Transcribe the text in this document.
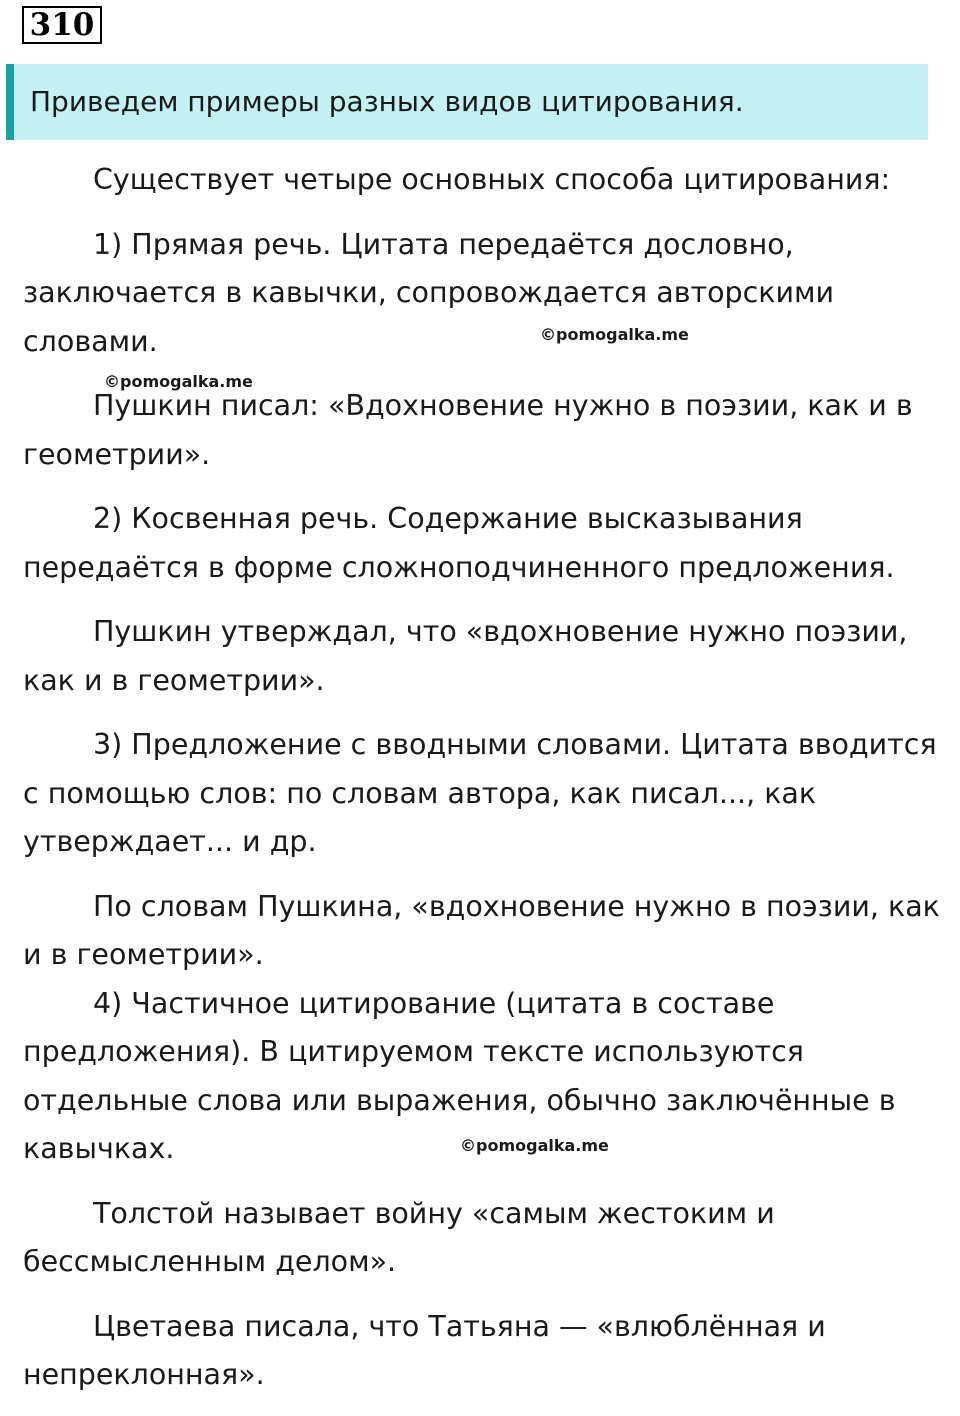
310
Приведем примеры разных видов цитирования.

Существует четыре основных способа цитирования:

1) Прямая речь. Цитата передаётся дословно, заключается в кавычки, сопровождается авторскими словами.

Пушкин писал: «Вдохновение нужно в поэзии, как и в геометрии».

2) Косвенная речь. Содержание высказывания передаётся в форме сложноподчиненного предложения.

Пушкин утверждал, что «вдохновение нужно поэзии, как и в геометрии».

3) Предложение с вводными словами. Цитата вводится с помощью слов: по словам автора, как писал..., как утверждает... и др.

По словам Пушкина, «вдохновение нужно в поэзии, как и в геометрии».

4) Частичное цитирование (цитата в составе предложения). В цитируемом тексте используются отдельные слова или выражения, обычно заключённые в кавычках.

Толстой называет войну «самым жестоким и бессмысленным делом».

Цветаева писала, что Татьяна — «влюблённая и непреклонная».

©pomogalka.me
©pomogalka.me
©pomogalka.me
